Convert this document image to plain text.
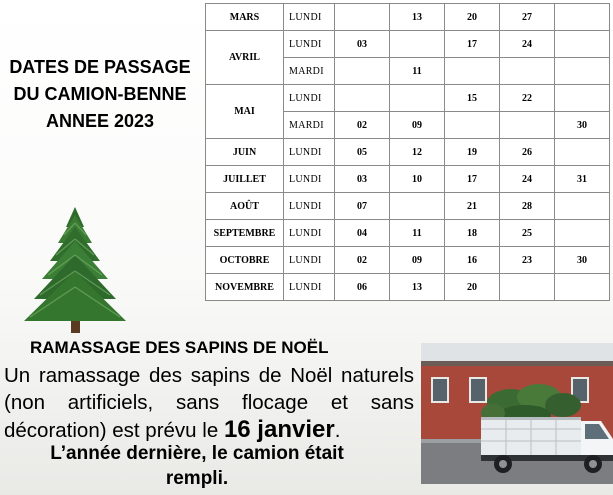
DATES DE PASSAGE
DU CAMION-BENNE
ANNEE 2023
MARS	LUNDI		13	20	27	
AVRIL	LUNDI	03		17	24	
	MARDI		11			
MAI	LUNDI			15	22	
	MARDI	02	09			30
JUIN	LUNDI	05	12	19	26	
JUILLET	LUNDI	03	10	17	24	31
AOÛT	LUNDI	07		21	28	
SEPTEMBRE	LUNDI	04	11	18	25	
OCTOBRE	LUNDI	02	09	16	23	30
NOVEMBRE	LUNDI	06	13	20		
RAMASSAGE DES SAPINS DE NOËL
Un ramassage des sapins de Noël naturels (non artificiels, sans flocage et sans décoration) est prévu le 16 janvier.
L’année dernière, le camion était rempli.
